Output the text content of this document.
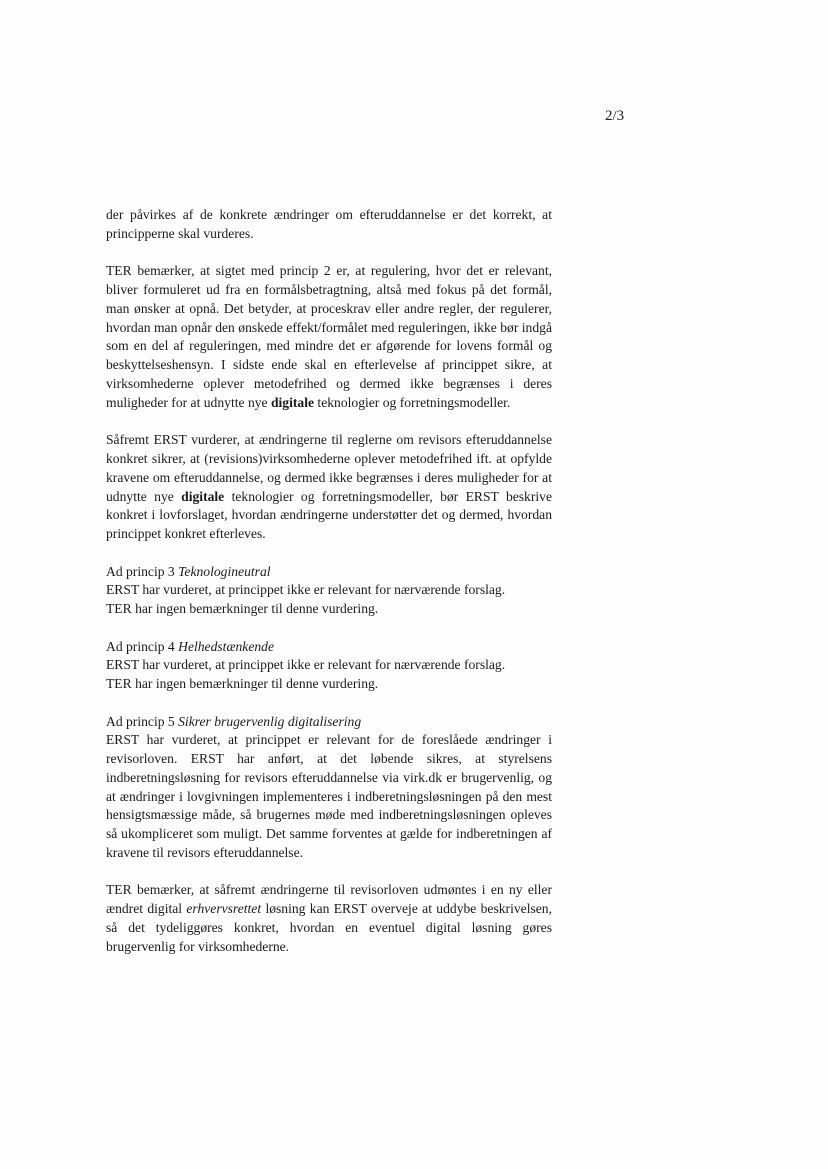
2/3

der påvirkes af de konkrete ændringer om efteruddannelse er det korrekt, at principperne skal vurderes.

TER bemærker, at sigtet med princip 2 er, at regulering, hvor det er relevant, bliver formuleret ud fra en formålsbetragtning, altså med fokus på det formål, man ønsker at opnå. Det betyder, at proceskrav eller andre regler, der regulerer, hvordan man opnår den ønskede effekt/formålet med reguleringen, ikke bør indgå som en del af reguleringen, med mindre det er afgørende for lovens formål og beskyttelseshensyn. I sidste ende skal en efterlevelse af princippet sikre, at virksomhederne oplever metodefrihed og dermed ikke begrænses i deres muligheder for at udnytte nye digitale teknologier og forretningsmodeller.

Såfremt ERST vurderer, at ændringerne til reglerne om revisors efteruddannelse konkret sikrer, at (revisions)virksomhederne oplever metodefrihed ift. at opfylde kravene om efteruddannelse, og dermed ikke begrænses i deres muligheder for at udnytte nye digitale teknologier og forretningsmodeller, bør ERST beskrive konkret i lovforslaget, hvordan ændringerne understøtter det og dermed, hvordan princippet konkret efterleves.

Ad princip 3 Teknologineutral
ERST har vurderet, at princippet ikke er relevant for nærværende forslag.
TER har ingen bemærkninger til denne vurdering.

Ad princip 4 Helhedstænkende
ERST har vurderet, at princippet ikke er relevant for nærværende forslag.
TER har ingen bemærkninger til denne vurdering.

Ad princip 5 Sikrer brugervenlig digitalisering
ERST har vurderet, at princippet er relevant for de foreslåede ændringer i revisorloven. ERST har anført, at det løbende sikres, at styrelsens indberetningsløsning for revisors efteruddannelse via virk.dk er brugervenlig, og at ændringer i lovgivningen implementeres i indberetningsløsningen på den mest hensigtsmæssige måde, så brugernes møde med indberetningsløsningen opleves så ukompliceret som muligt. Det samme forventes at gælde for indberetningen af kravene til revisors efteruddannelse.

TER bemærker, at såfremt ændringerne til revisorloven udmøntes i en ny eller ændret digital erhvervsrettet løsning kan ERST overveje at uddybe beskrivelsen, så det tydeliggøres konkret, hvordan en eventuel digital løsning gøres brugervenlig for virksomhederne.
